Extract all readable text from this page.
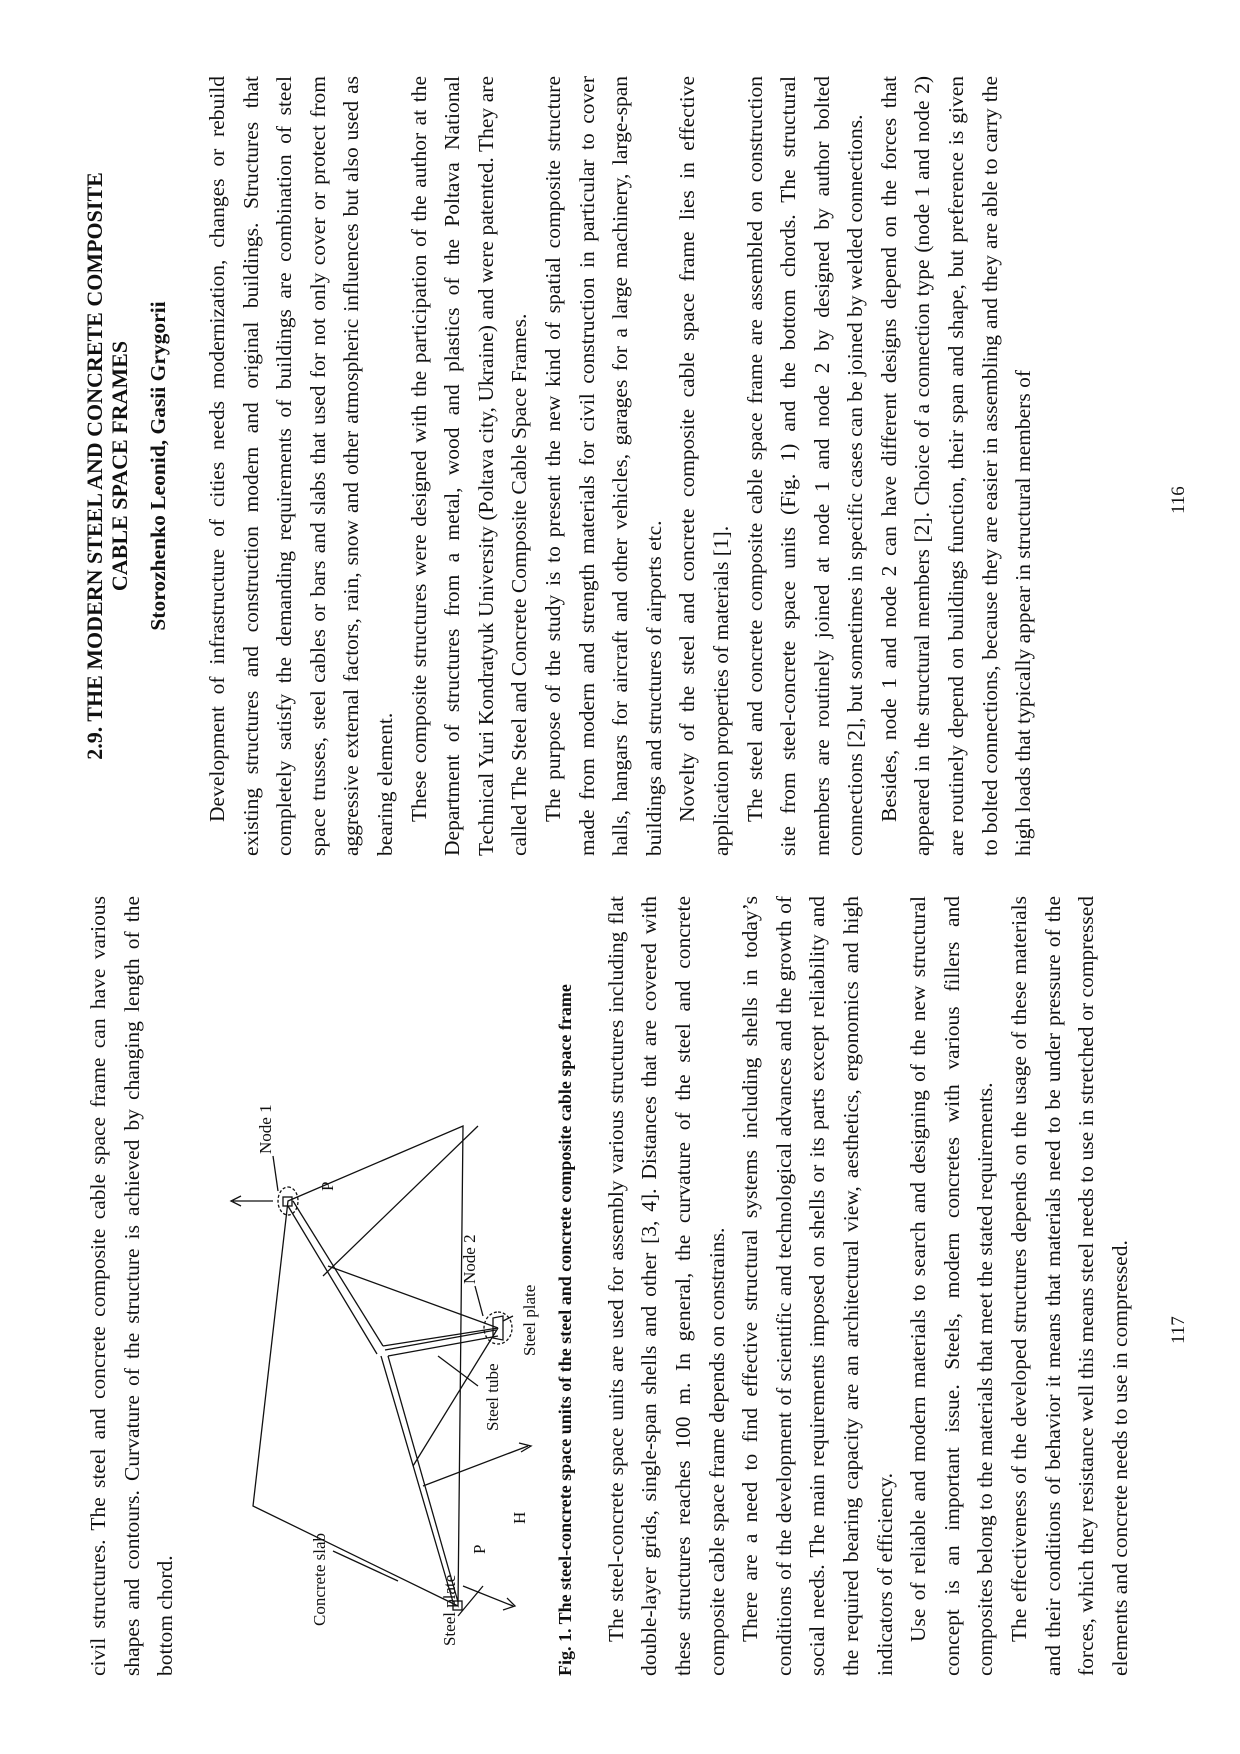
civil structures. The steel and concrete composite cable space frame can have various shapes and contours. Curvature of the structure is achieved by changing length of the bottom chord.

Node 1
Node 2
P
P
H
Concrete slab	Steel plate
Steel tube
Steel plate Fig. 1. The steel-concrete space units of the steel and concrete composite cable space frame The steel-concrete space units are used for assembly various structures including flat double-layer grids, single-span shells and other [3, 4]. Distances that are covered with these structures reaches 100 m. In general, the curvature of the steel and concrete composite cable space frame depends on constrains. There are a need to find effective structural systems including shells in today’s conditions of the development of scientific and technological advances and the growth of social needs. The main requirements imposed on shells or its parts except reliability and the required bearing capacity are an architectural view, aesthetics, ergonomics and high indicators of efficiency. Use of reliable and modern materials to search and designing of the new structural concept is an important issue. Steels, modern concretes with various fillers and composites belong to the materials that meet the stated requirements. The effectiveness of the developed structures depends on the usage of these materials and their conditions of behavior it means that materials need to be under pressure of the forces, which they resistance well this means steel needs to use in stretched or compressed elements and concrete needs to use in compressed. 117

2.9. THE MODERN STEEL AND CONCRETE COMPOSITE CABLE SPACE FRAMES Storozhenko Leonid, Gasii Grygorii Development of infrastructure of cities needs modernization, changes or rebuild existing structures and construction modern and original buildings. Structures that completely satisfy the demanding requirements of buildings are combination of steel space trusses, steel cables or bars and slabs that used for not only cover or protect from aggressive external factors, rain, snow and other atmospheric influences but also used as bearing element. These composite structures were designed with the participation of the author at the Department of structures from a metal, wood and plastics of the Poltava National Technical Yuri Kondratyuk University (Poltava city, Ukraine) and were patented. They are called The Steel and Concrete Composite Cable Space Frames. The purpose of the study is to present the new kind of spatial composite structure made from modern and strength materials for civil construction in particular to cover halls, hangars for aircraft and other vehicles, garages for a large machinery, large-span buildings and structures of airports etc. Novelty of the steel and concrete composite cable space frame lies in effective application properties of materials [1]. The steel and concrete composite cable space frame are assembled on construction site from steel-concrete space units (Fig. 1) and the bottom chords. The structural members are routinely joined at node 1 and node 2 by designed by author bolted connections [2], but sometimes in specific cases can be joined by welded connections. Besides, node 1 and node 2 can have different designs depend on the forces that appeared in the structural members [2]. Choice of a connection type (node 1 and node 2) are routinely depend on buildings function, their span and shape, but preference is given to bolted connections, because they are easier in assembling and they are able to carry the high loads that typically appear in structural members of	116
